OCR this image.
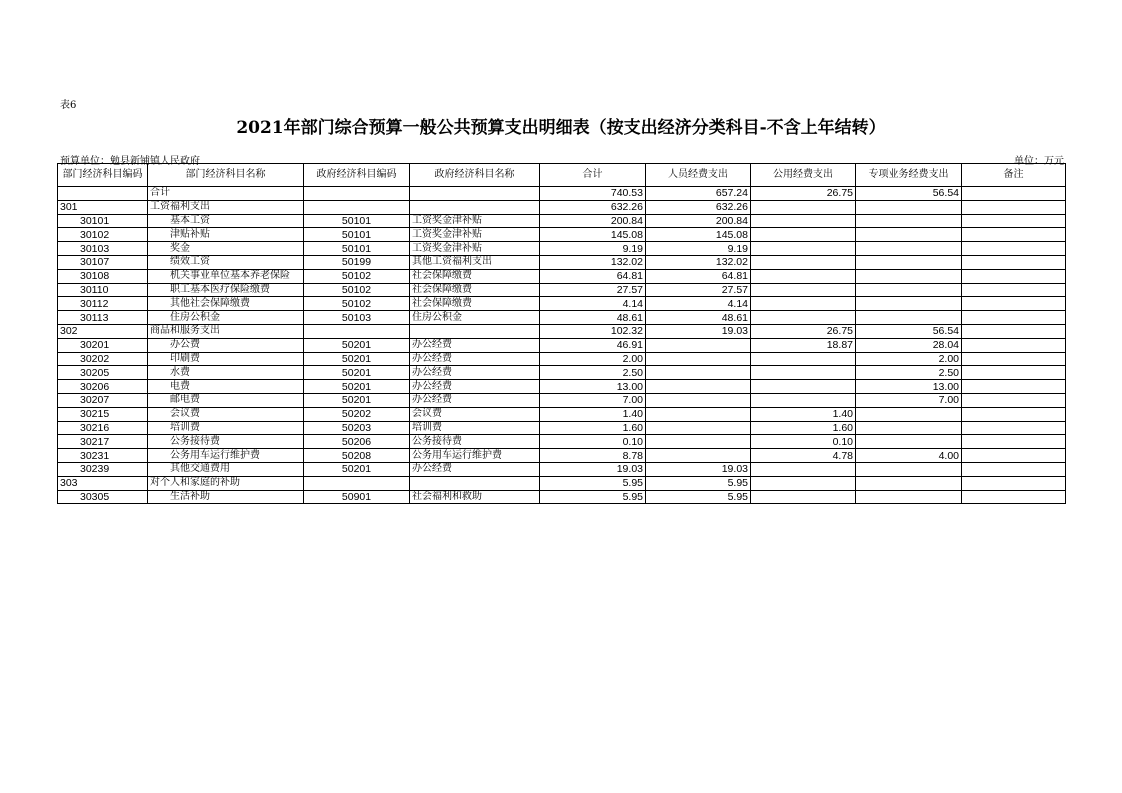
表6
2021年部门综合预算一般公共预算支出明细表（按支出经济分类科目-不含上年结转）
预算单位：勉县新铺镇人民政府	单位：万元
部门经济科目编码	部门经济科目名称	政府经济科目编码	政府经济科目名称	合计	人员经费支出	公用经费支出	专项业务经费支出	备注
	合计			740.53	657.24	26.75	56.54	
301	工资福利支出			632.26	632.26			
30101	基本工资	50101	工资奖金津补贴	200.84	200.84			
30102	津贴补贴	50101	工资奖金津补贴	145.08	145.08			
30103	奖金	50101	工资奖金津补贴	9.19	9.19			
30107	绩效工资	50199	其他工资福利支出	132.02	132.02			
30108	机关事业单位基本养老保险	50102	社会保障缴费	64.81	64.81			
30110	职工基本医疗保险缴费	50102	社会保障缴费	27.57	27.57			
30112	其他社会保障缴费	50102	社会保障缴费	4.14	4.14			
30113	住房公积金	50103	住房公积金	48.61	48.61			
302	商品和服务支出			102.32	19.03	26.75	56.54	
30201	办公费	50201	办公经费	46.91		18.87	28.04	
30202	印刷费	50201	办公经费	2.00			2.00	
30205	水费	50201	办公经费	2.50			2.50	
30206	电费	50201	办公经费	13.00			13.00	
30207	邮电费	50201	办公经费	7.00			7.00	
30215	会议费	50202	会议费	1.40		1.40		
30216	培训费	50203	培训费	1.60		1.60		
30217	公务接待费	50206	公务接待费	0.10		0.10		
30231	公务用车运行维护费	50208	公务用车运行维护费	8.78		4.78	4.00	
30239	其他交通费用	50201	办公经费	19.03	19.03			
303	对个人和家庭的补助			5.95	5.95			
30305	生活补助	50901	社会福利和救助	5.95	5.95			
